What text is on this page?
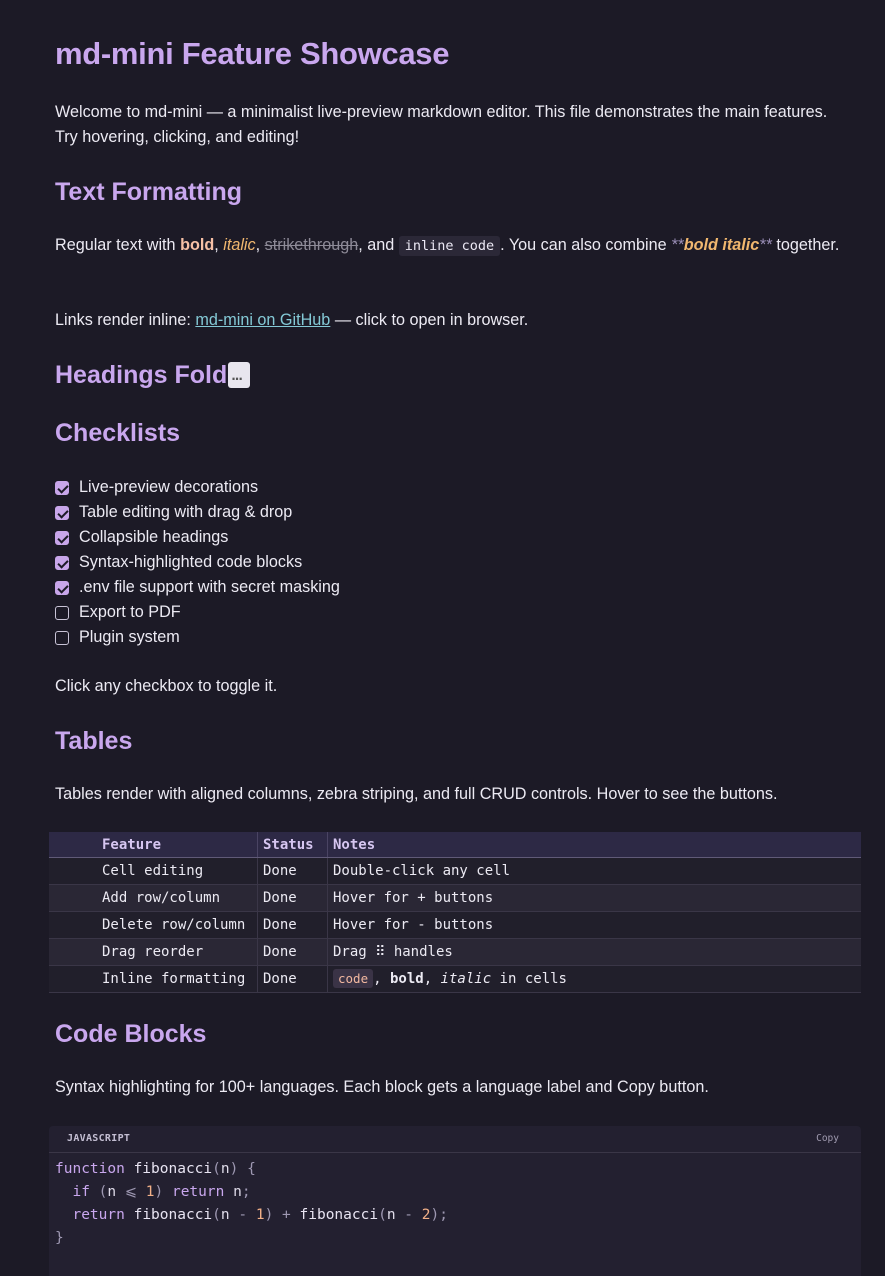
md-mini Feature Showcase

Welcome to md-mini — a minimalist live-preview markdown editor. This file demonstrates the main features. Try hovering, clicking, and editing!

Text Formatting

Regular text with bold, italic, strikethrough, and inline code . You can also combine **bold italic** together.

Links render inline: md-mini on GitHub — click to open in browser.

Headings Fold ...
Checklists
Live-preview decorations
Table editing with drag & drop
Collapsible headings
Syntax-highlighted code blocks
.env file support with secret masking
Export to PDF
Plugin system

Click any checkbox to toggle it.

Tables

Tables render with aligned columns, zebra striping, and full CRUD controls. Hover to see the buttons.

Code Blocks

Syntax highlighting for 100+ languages. Each block gets a language label and Copy button.

	Feature	Status	Notes
	Cell editing	Done	Double-click any cell
	Add row/column	Done	Hover for + buttons
	Delete row/column	Done	Hover for - buttons
	Drag reorder	Done	Drag ⠿ handles
	Inline formatting	Done	code , bold, italic in cells
JAVASCRIPT	Copy
function fibonacci(n) {
if (n ⩽ 1) return n;
return fibonacci(n - 1) + fibonacci(n - 2);
}
